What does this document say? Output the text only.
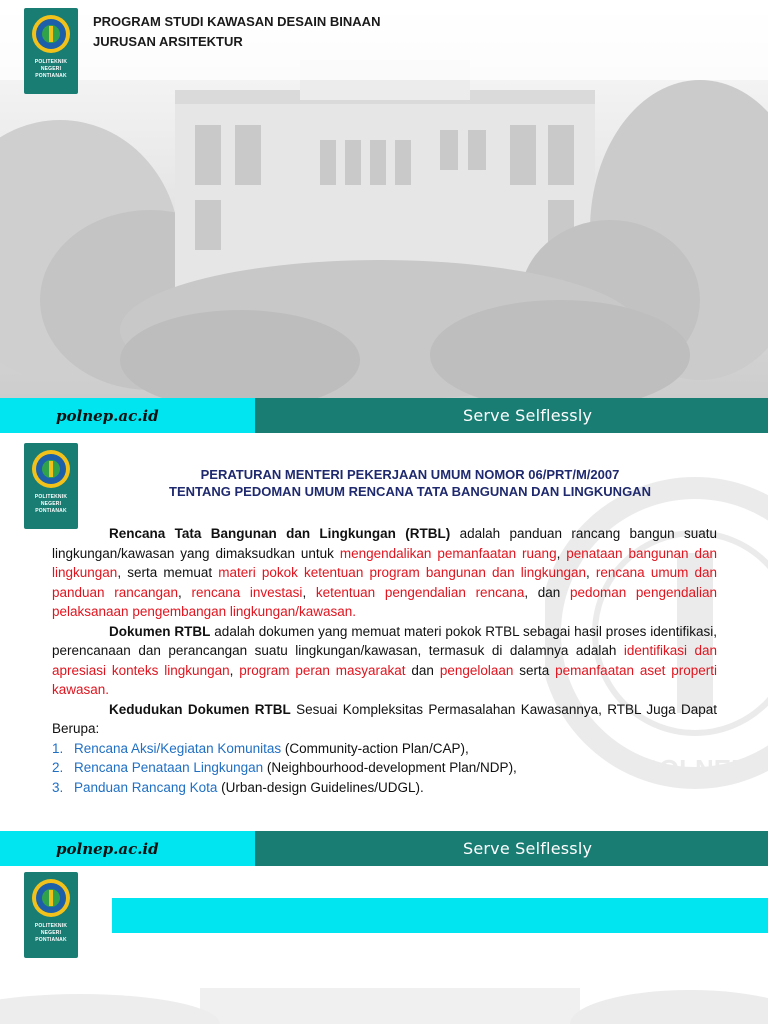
POLITEKNIK
NEGERI
PONTIANAK
PROGRAM STUDI KAWASAN DESAIN BINAAN
JURUSAN ARSITEKTUR
polnep.ac.id	Serve Selflessly
POLNEP
POLITEKNIK
NEGERI
PONTIANAK
PERATURAN MENTERI PEKERJAAN UMUM NOMOR 06/PRT/M/2007
TENTANG PEDOMAN UMUM RENCANA TATA BANGUNAN DAN LINGKUNGAN

Rencana Tata Bangunan dan Lingkungan (RTBL) adalah panduan rancang bangun suatu lingkungan/kawasan yang dimaksudkan untuk mengendalikan pemanfaatan ruang, penataan bangunan dan lingkungan, serta memuat materi pokok ketentuan program bangunan dan lingkungan, rencana umum dan panduan rancangan, rencana investasi, ketentuan pengendalian rencana, dan pedoman pengendalian pelaksanaan pengembangan lingkungan/kawasan.

Dokumen RTBL adalah dokumen yang memuat materi pokok RTBL sebagai hasil proses identifikasi, perencanaan dan perancangan suatu lingkungan/kawasan, termasuk di dalamnya adalah identifikasi dan apresiasi konteks lingkungan, program peran masyarakat dan pengelolaan serta pemanfaatan aset properti kawasan.

Kedudukan Dokumen RTBL Sesuai Kompleksitas Permasalahan Kawasannya, RTBL Juga Dapat Berupa:

1. Rencana Aksi/Kegiatan Komunitas (Community-action Plan/CAP),
2. Rencana Penataan Lingkungan (Neighbourhood-development Plan/NDP),
3. Panduan Rancang Kota (Urban-design Guidelines/UDGL).
polnep.ac.id	Serve Selflessly
POLITEKNIK
NEGERI
PONTIANAK
